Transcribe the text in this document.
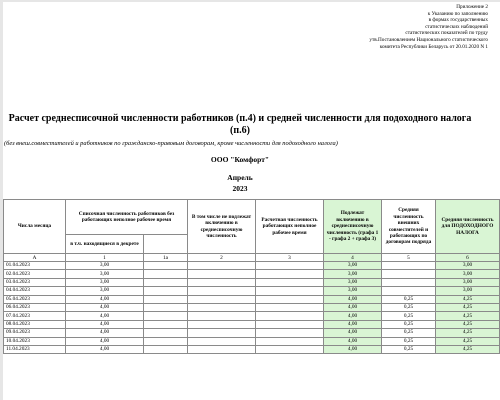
Приложение 2
к Указанию по заполнению
в формах государственных
статистических наблюдений
статистических показателей по труду
утв.Постановлением Национального статистического
комитета Республики Беларусь от 20.01.2020 N 1
Расчет среднесписочной численности работников (п.4) и средней численности для подоходного налога (п.6)
(без внеш.совместителей и работников по гражданско-правовым договорам, кроме численности для подоходного налога)
ООО "Комфорт"
Апрель
2023
Числа месяца	Списочная численность работников без работающих неполное рабочее время		В том числе не подлежат включению в среднесписочную численность	Расчетная численность работающих неполное рабочее время	Подлежат включению в среднесписочную численность (графа 1 - графа 2 + графа 3)	Средняя численность внешних совместителей и работающих по договорам подряда	Средняя численность для ПОДОХОДНОГО НАЛОГА
	в т.ч. находящиеся в декрете						
A	1	1а	2	3	4	5	6
01.04.2023	3,00				3,00		3,00
02.04.2023	3,00				3,00		3,00
03.04.2023	3,00				3,00		3,00
04.04.2023	3,00				3,00		3,00
05.04.2023	4,00				4,00	0,25	4,25
06.04.2023	4,00				4,00	0,25	4,25
07.04.2023	4,00				4,00	0,25	4,25
08.04.2023	4,00				4,00	0,25	4,25
09.04.2023	4,00				4,00	0,25	4,25
10.04.2023	4,00				4,00	0,25	4,25
11.04.2023	4,00				4,00	0,25	4,25
